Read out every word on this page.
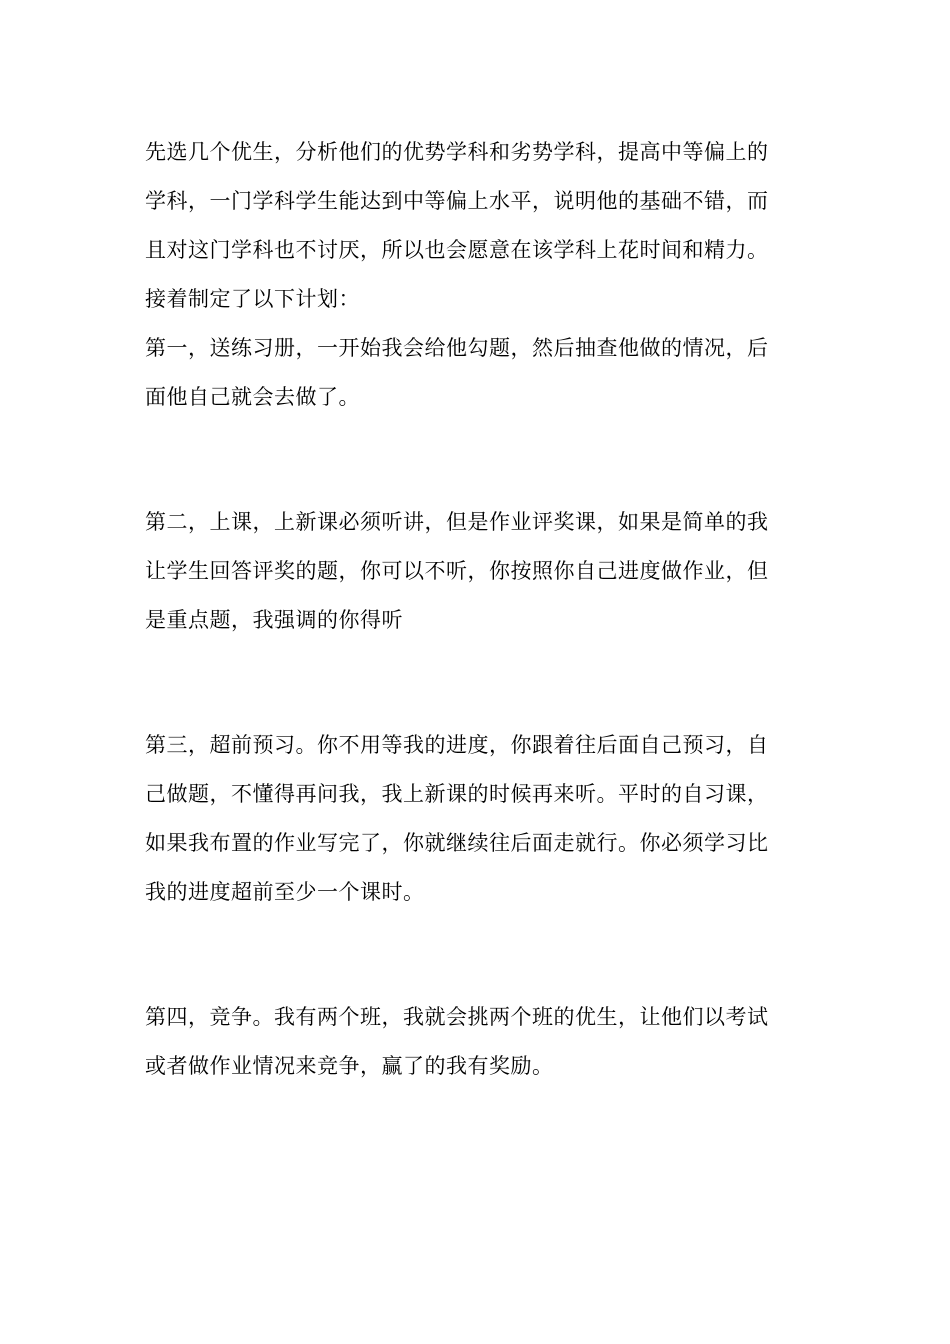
先选几个优生，分析他们的优势学科和劣势学科，提高中等偏上的
学科，一门学科学生能达到中等偏上水平，说明他的基础不错，而
且对这门学科也不讨厌，所以也会愿意在该学科上花时间和精力。
接着制定了以下计划：
第一，送练习册，一开始我会给他勾题，然后抽查他做的情况，后
面他自己就会去做了。
第二，上课，上新课必须听讲，但是作业评奖课，如果是简单的我
让学生回答评奖的题，你可以不听，你按照你自己进度做作业，但
是重点题，我强调的你得听
第三，超前预习。你不用等我的进度，你跟着往后面自己预习，自
己做题，不懂得再问我，我上新课的时候再来听。平时的自习课，
如果我布置的作业写完了，你就继续往后面走就行。你必须学习比
我的进度超前至少一个课时。
第四，竞争。我有两个班，我就会挑两个班的优生，让他们以考试
或者做作业情况来竞争，赢了的我有奖励。
